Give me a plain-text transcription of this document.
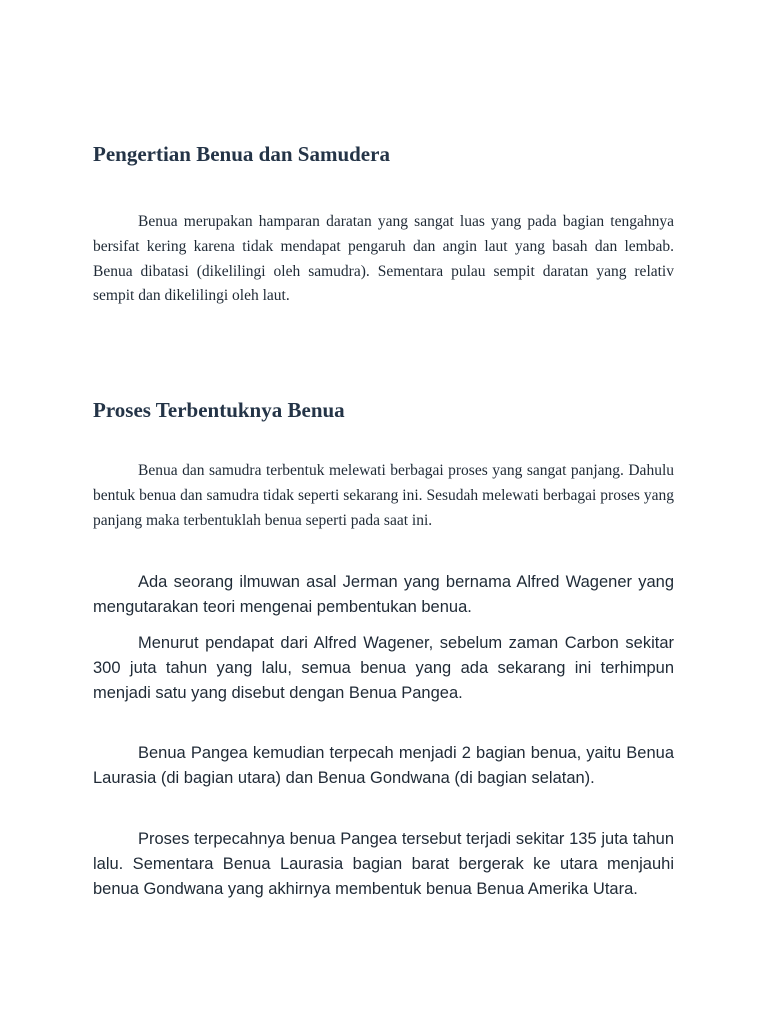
Pengertian Benua dan Samudera

Benua merupakan hamparan daratan yang sangat luas yang pada bagian tengahnya bersifat kering karena tidak mendapat pengaruh dan angin laut yang basah dan lembab. Benua dibatasi (dikelilingi oleh samudra). Sementara pulau sempit daratan yang relativ sempit dan dikelilingi oleh laut.

Proses Terbentuknya Benua

Benua dan samudra terbentuk melewati berbagai proses yang sangat panjang. Dahulu bentuk benua dan samudra tidak seperti sekarang ini. Sesudah melewati berbagai proses yang panjang maka terbentuklah benua seperti pada saat ini.

Ada seorang ilmuwan asal Jerman yang bernama Alfred Wagener yang mengutarakan teori mengenai pembentukan benua.

Menurut pendapat dari Alfred Wagener, sebelum zaman Carbon sekitar 300 juta tahun yang lalu, semua benua yang ada sekarang ini terhimpun menjadi satu yang disebut dengan Benua Pangea.

Benua Pangea kemudian terpecah menjadi 2 bagian benua, yaitu Benua Laurasia (di bagian utara) dan Benua Gondwana (di bagian selatan).

Proses terpecahnya benua Pangea tersebut terjadi sekitar 135 juta tahun lalu. Sementara Benua Laurasia bagian barat bergerak ke utara menjauhi benua Gondwana yang akhirnya membentuk benua Benua Amerika Utara.
